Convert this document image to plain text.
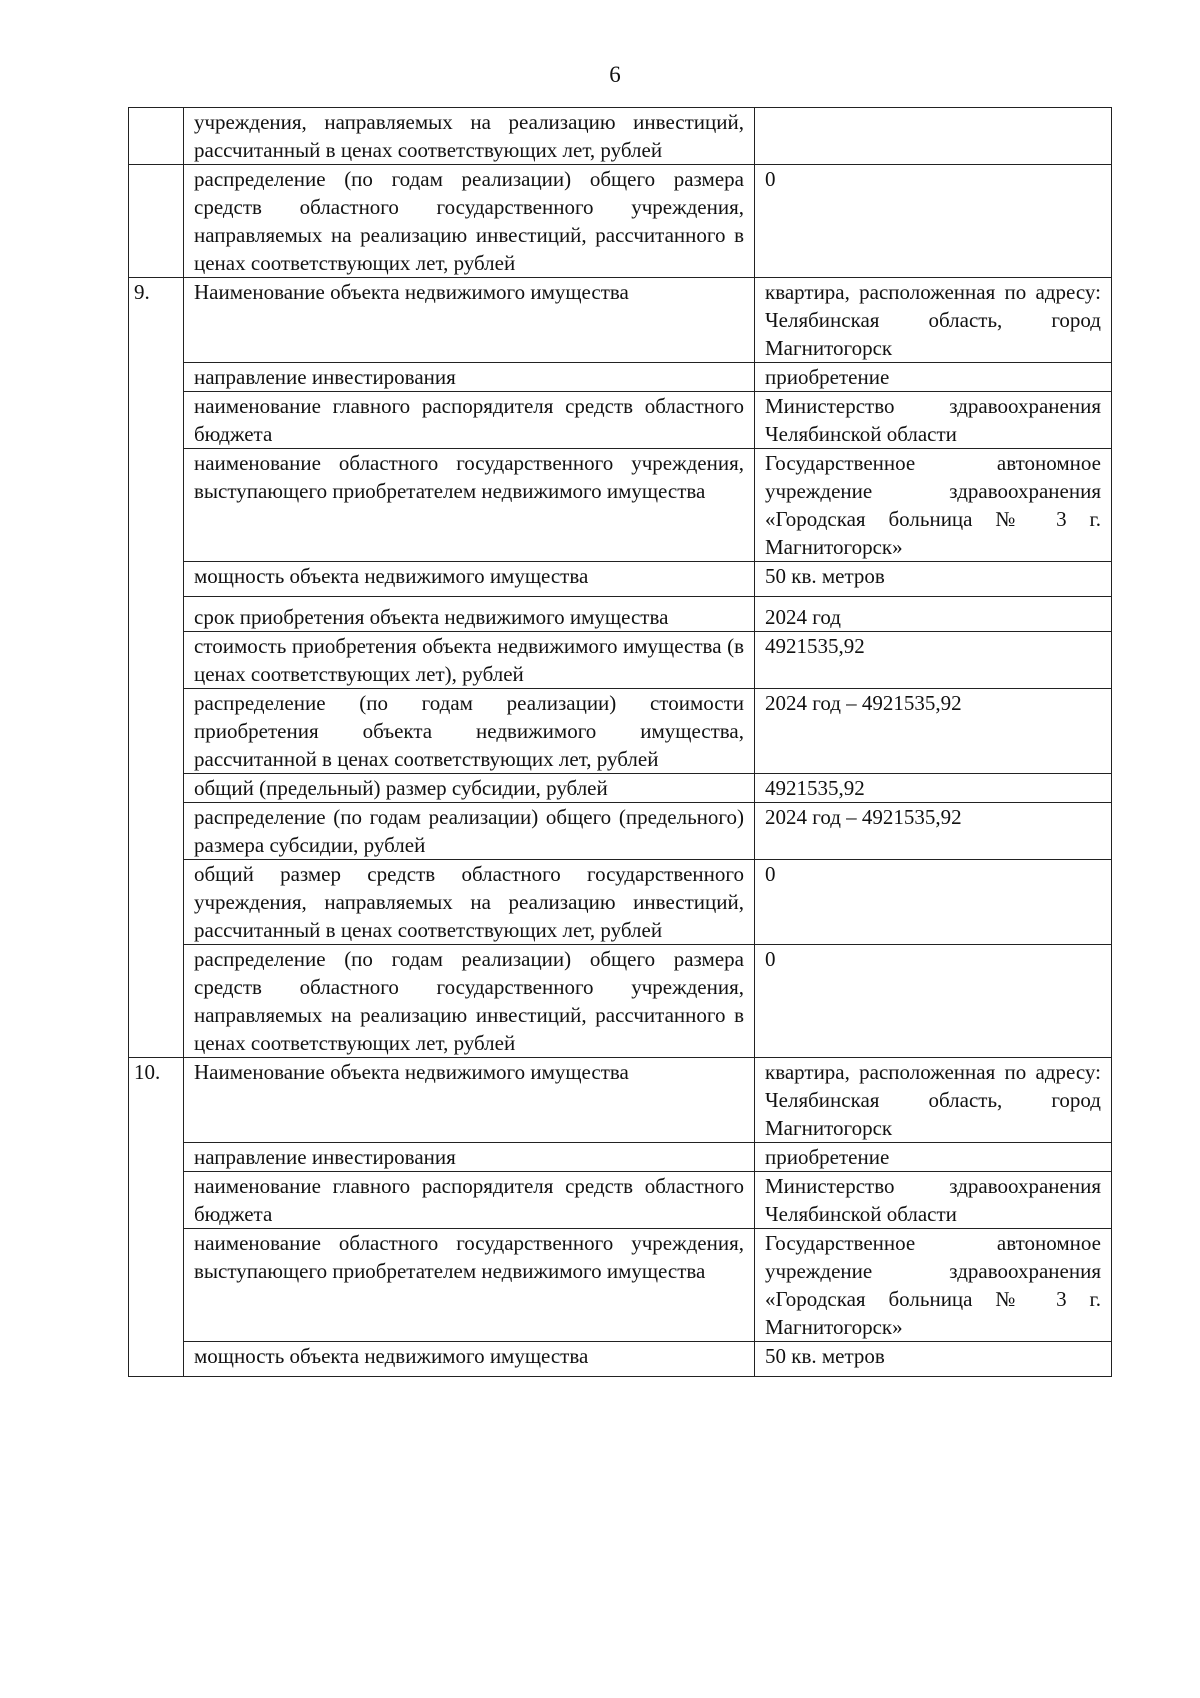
6
	учреждения, направляемых на реализацию инвестиций, рассчитанный в ценах соответствующих лет, рублей	
	распределение (по годам реализации) общего размера средств областного государственного учреждения, направляемых на реализацию инвестиций, рассчитанного в ценах соответствующих лет, рублей	0
9.	Наименование объекта недвижимого имущества	квартира, расположенная по адресу: Челябинская область, город Магнитогорск
	направление инвестирования	приобретение
	наименование главного распорядителя средств областного бюджета	Министерство здравоохранения Челябинской области
	наименование областного государственного учреждения, выступающего приобретателем недвижимого имущества	Государственное автономное учреждение здравоохранения «Городская больница № 3 г. Магнитогорск»
	мощность объекта недвижимого имущества	50 кв. метров
	срок приобретения объекта недвижимого имущества	2024 год
	стоимость приобретения объекта недвижимого имущества (в ценах соответствующих лет), рублей	4921535,92
	распределение (по годам реализации) стоимости приобретения объекта недвижимого имущества, рассчитанной в ценах соответствующих лет, рублей	2024 год – 4921535,92
	общий (предельный) размер субсидии, рублей	4921535,92
	распределение (по годам реализации) общего (предельного) размера субсидии, рублей	2024 год – 4921535,92
	общий размер средств областного государственного учреждения, направляемых на реализацию инвестиций, рассчитанный в ценах соответствующих лет, рублей	0
	распределение (по годам реализации) общего размера средств областного государственного учреждения, направляемых на реализацию инвестиций, рассчитанного в ценах соответствующих лет, рублей	0
10.	Наименование объекта недвижимого имущества	квартира, расположенная по адресу: Челябинская область, город Магнитогорск
	направление инвестирования	приобретение
	наименование главного распорядителя средств областного бюджета	Министерство здравоохранения Челябинской области
	наименование областного государственного учреждения, выступающего приобретателем недвижимого имущества	Государственное автономное учреждение здравоохранения «Городская больница № 3 г. Магнитогорск»
	мощность объекта недвижимого имущества	50 кв. метров
